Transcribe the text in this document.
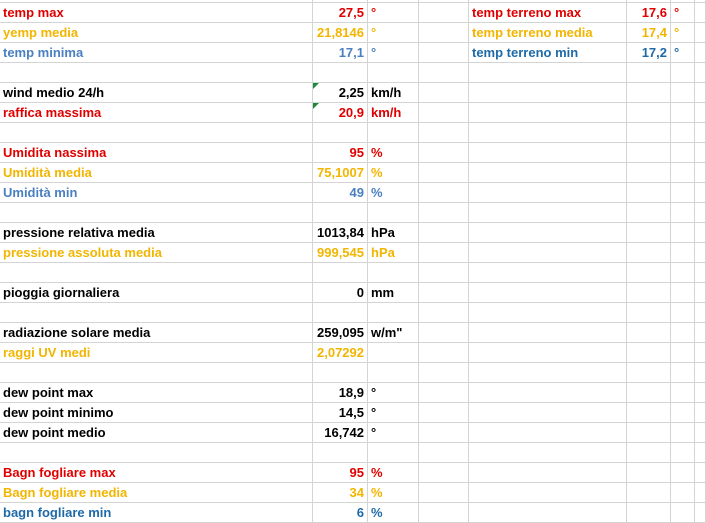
temp max	27,5 °	temp terreno max	17,6 °
yemp media	21,8146 °	temp terreno media	17,4 °
temp minima	17,1 °	temp terreno min	17,2 °
wind medio 24/h	2,25 km/h
raffica massima	20,9 km/h
Umidita nassima	95 %
Umidità media	75,1007 %
Umidità min	49 %
pressione relativa media	1013,84 hPa
pressione assoluta media	999,545 hPa
pioggia giornaliera	0 mm
radiazione solare media	259,095 w/m"
raggi UV medi	2,07292
dew point max	18,9 °
dew point minimo	14,5 °
dew point medio	16,742 °
Bagn fogliare max	95 %
Bagn fogliare media	34 %
bagn fogliare min	6 %
